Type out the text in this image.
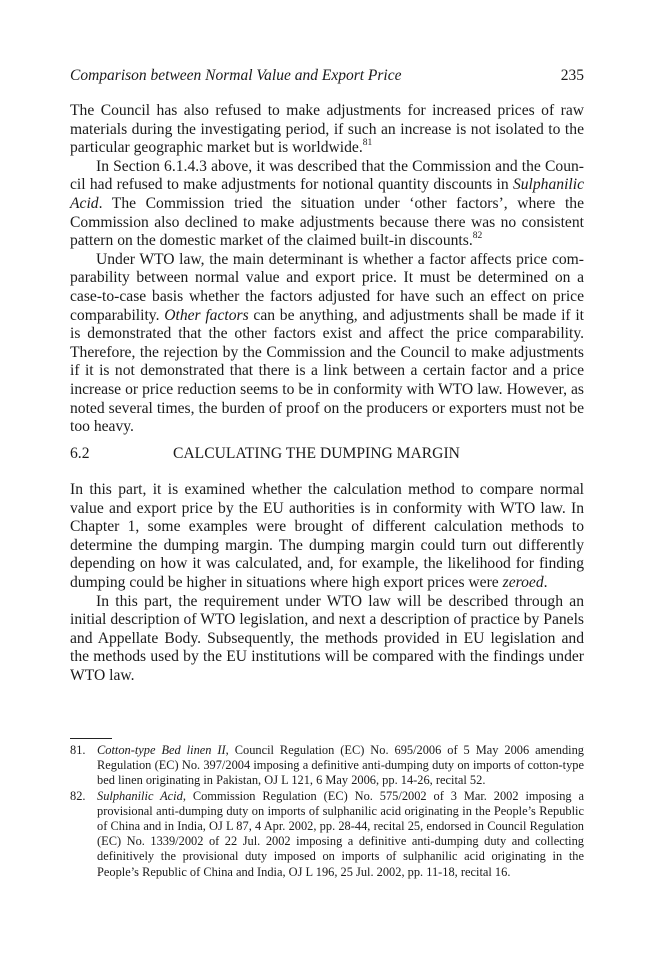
Comparison between Normal Value and Export Price	235

The Council has also refused to make adjustments for increased prices of raw materials during the investigating period, if such an increase is not isolated to the particular geographic market but is worldwide.$^{81}$

In Section 6.1.4.3 above, it was described that the Commission and the Council had refused to make adjustments for notional quantity discounts in Sulphanilic Acid. The Commission tried the situation under ‘other factors’, where the Commission also declined to make adjustments because there was no consistent pattern on the domestic market of the claimed built-in discounts.$^{82}$

Under WTO law, the main determinant is whether a factor affects price comparability between normal value and export price. It must be determined on a case-to-case basis whether the factors adjusted for have such an effect on price comparability. Other factors can be anything, and adjustments shall be made if it is demonstrated that the other factors exist and affect the price comparability. Therefore, the rejection by the Commission and the Council to make adjustments if it is not demonstrated that there is a link between a certain factor and a price increase or price reduction seems to be in conformity with WTO law. However, as noted several times, the burden of proof on the producers or exporters must not be too heavy.

6.2	CALCULATING THE DUMPING MARGIN

In this part, it is examined whether the calculation method to compare normal value and export price by the EU authorities is in conformity with WTO law. In Chapter 1, some examples were brought of different calculation methods to determine the dumping margin. The dumping margin could turn out differently depending on how it was calculated, and, for example, the likelihood for finding dumping could be higher in situations where high export prices were zeroed.

In this part, the requirement under WTO law will be described through an initial description of WTO legislation, and next a description of practice by Panels and Appellate Body. Subsequently, the methods provided in EU legislation and the methods used by the EU institutions will be compared with the findings under WTO law.

81. Cotton-type Bed linen II, Council Regulation (EC) No. 695/2006 of 5 May 2006 amending Regulation (EC) No. 397/2004 imposing a definitive anti-dumping duty on imports of cotton-type bed linen originating in Pakistan, OJ L 121, 6 May 2006, pp. 14-26, recital 52.
82. Sulphanilic Acid, Commission Regulation (EC) No. 575/2002 of 3 Mar. 2002 imposing a provisional anti-dumping duty on imports of sulphanilic acid originating in the People’s Republic of China and in India, OJ L 87, 4 Apr. 2002, pp. 28-44, recital 25, endorsed in Council Regulation (EC) No. 1339/2002 of 22 Jul. 2002 imposing a definitive anti-dumping duty and collecting definitively the provisional duty imposed on imports of sulphanilic acid originating in the People’s Republic of China and India, OJ L 196, 25 Jul. 2002, pp. 11-18, recital 16.
